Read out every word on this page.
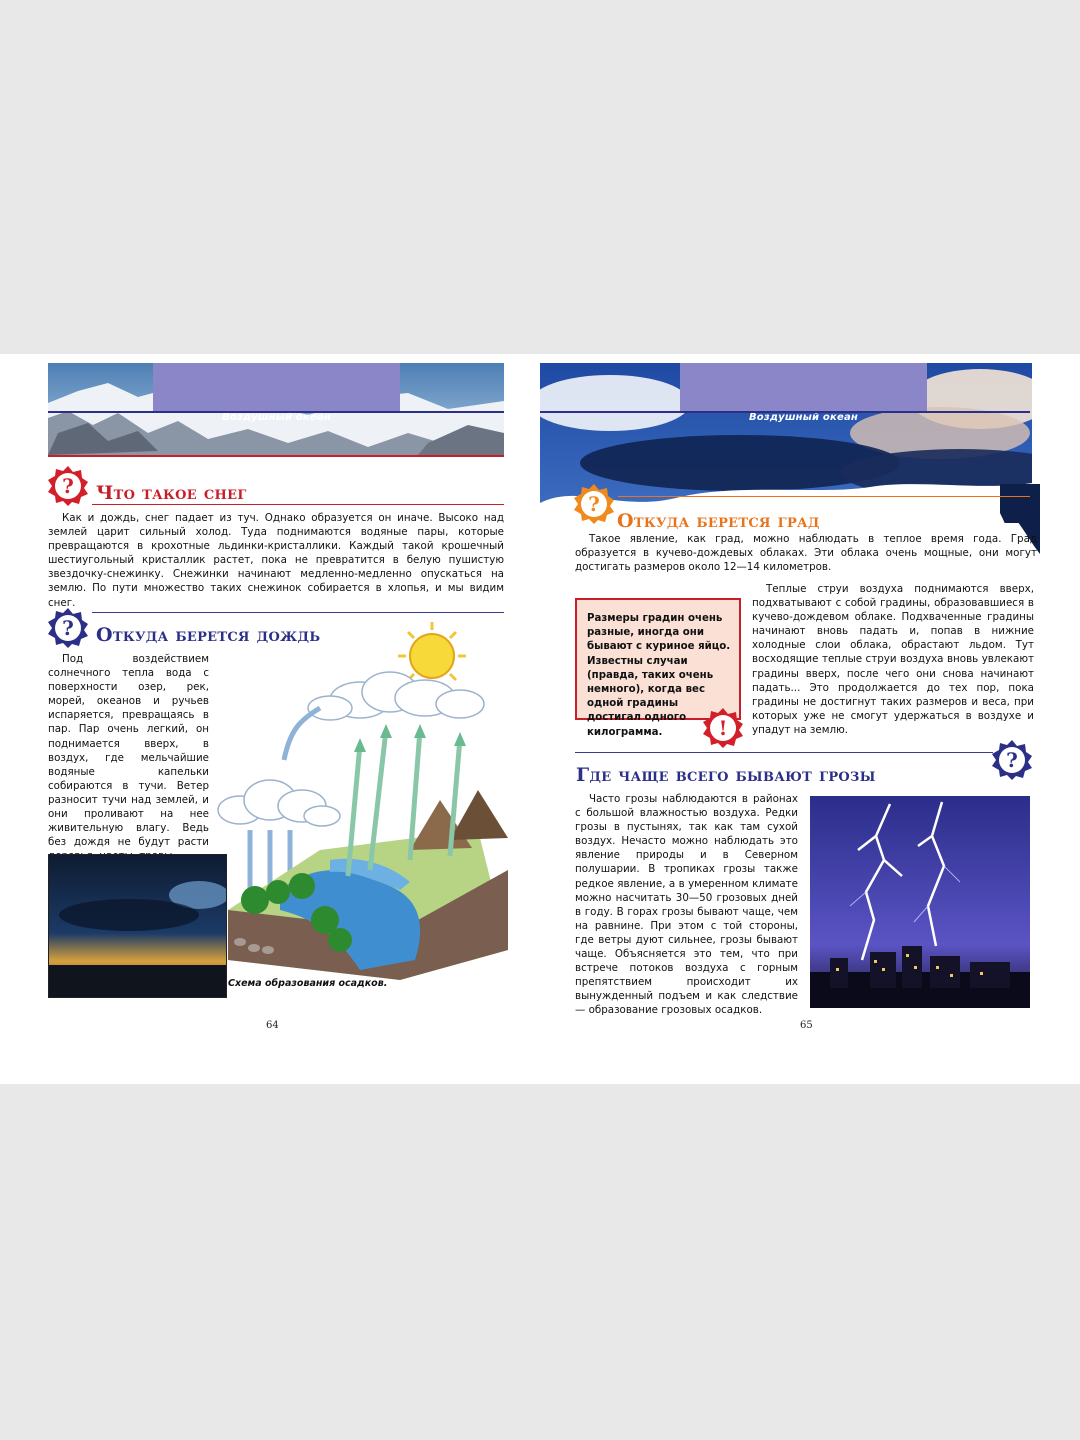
Воздушный океан
? Что такое снег

Как и дождь, снег падает из туч. Однако образуется он иначе. Высоко над землей царит сильный холод. Туда поднимаются водяные пары, которые превращаются в крохотные льдинки-кристаллики. Каждый такой крошечный шестиугольный кристаллик растет, пока не превратится в белую пушистую звездочку-снежинку. Снежинки начинают медленно-медленно опускаться на землю. По пути множество таких снежинок собирается в хлопья, и мы видим снег.

? Откуда берется дождь

Под воздействием солнечного тепла вода с поверхности озер, рек, морей, океанов и ручьев испаряется, превращаясь в пар. Пар очень легкий, он поднимается вверх, в воздух, где мельчайшие водяные капельки собираются в тучи. Ветер разносит тучи над землей, и они проливают на нее живительную влагу. Ведь без дождя не будут расти

Схема образования осадков.
64
Воздушный океан
?
Откуда берется град

Такое явление, как град, можно наблюдать в теплое время года. Град образуется в кучево-дождевых облаках. Эти облака очень мощные, они могут достигать размеров около 12—14 километров.

Размеры градин очень разные, иногда они бывают с куриное яйцо. Известны случаи (правда, таких очень немного), когда вес одной градины достигал одного килограмма.	!

Теплые струи воздуха поднимаются вверх, подхватывают с собой градины, образовавшиеся в кучево-дождевом облаке. Подхваченные градины начинают вновь падать и, попав в нижние холодные слои облака, обрастают льдом. Тут восходящие теплые струи воздуха вновь увлекают градины вверх, после чего они снова начинают падать... Это продолжается до тех пор, пока градины не достигнут таких размеров и веса, при которых уже не смогут удержаться в воздухе и упадут на землю.

?
Где чаще всего бывают грозы

Часто грозы наблюдаются в районах с большой влажностью воздуха. Редки грозы в пустынях, так как там сухой воздух. Нечасто можно наблюдать это явление природы и в Северном полушарии. В тропиках грозы также редкое явление, а в умеренном климате можно насчитать 30—50 грозовых дней в году. В горах грозы бывают чаще, чем на равнине. При этом с той стороны, где ветры дуют сильнее, грозы бывают чаще. Объясняется это тем, что при встрече потоков воздуха с горным препятствием происходит их вынужденный подъем и как следствие — образование грозовых осадков.

65
